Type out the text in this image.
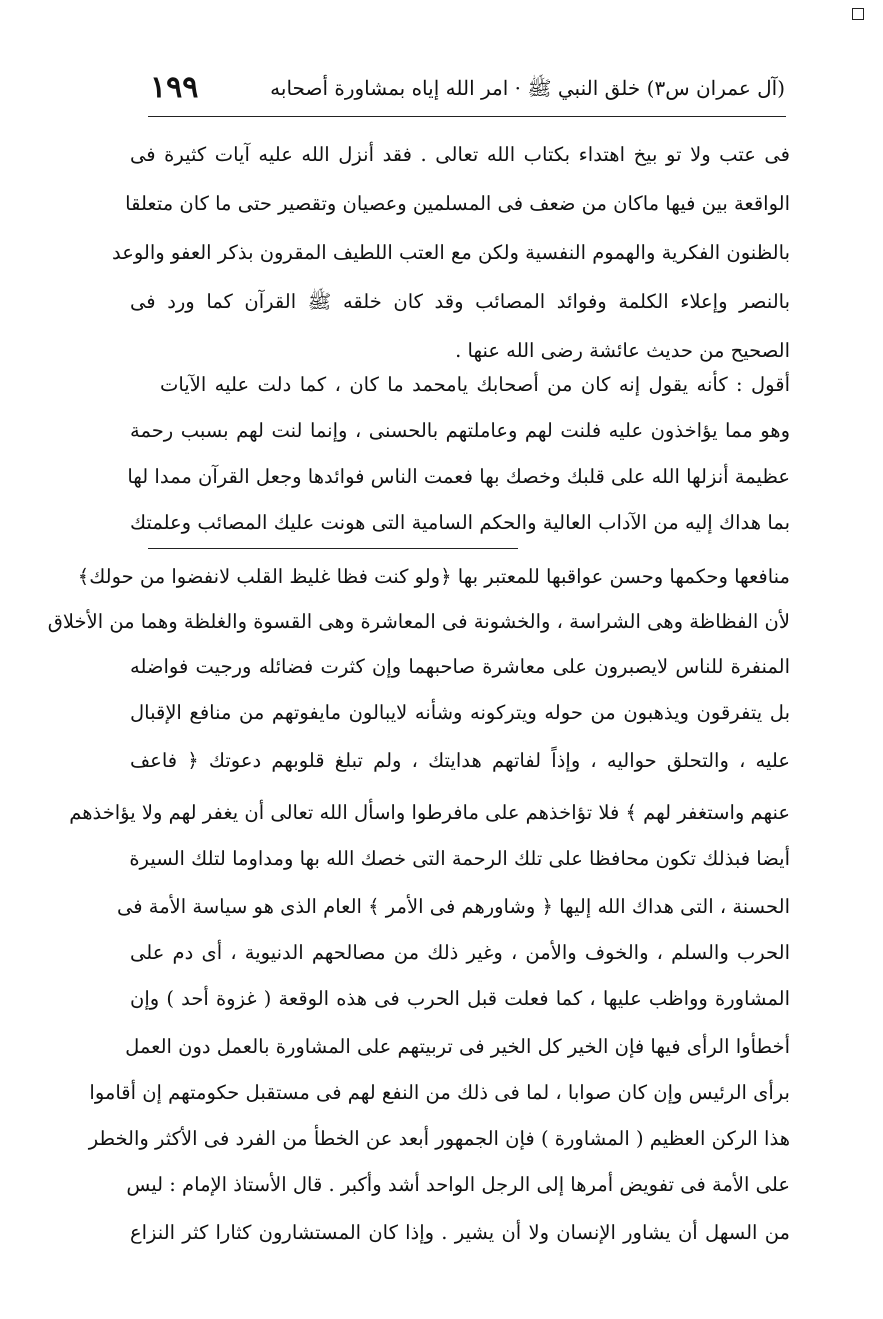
(آل عمران س٣) خلق النبي ﷺ · امر الله إياه بمشاورة أصحابه
١٩٩
فى عتب ولا تو بيخ اهتداء بكتاب الله تعالى . فقد أنزل الله عليه آيات كثيرة فى
الواقعة بين فيها ماكان من ضعف فى المسلمين وعصيان وتقصير حتى ما كان متعلقا
بالظنون الفكرية والهموم النفسية ولكن مع العتب اللطيف المقرون بذكر العفو والوعد
بالنصر وإعلاء الكلمة وفوائد المصائب وقد كان خلقه ﷺ القرآن كما ورد فى
الصحيح من حديث عائشة رضى الله عنها .
أقول : كأنه يقول إنه كان من أصحابك يامحمد ما كان ، كما دلت عليه الآيات
وهو مما يؤاخذون عليه فلنت لهم وعاملتهم بالحسنى ، وإنما لنت لهم بسبب رحمة
عظيمة أنزلها الله على قلبك وخصك بها فعمت الناس فوائدها وجعل القرآن ممدا لها
بما هداك إليه من الآداب العالية والحكم السامية التى هونت عليك المصائب وعلمتك
منافعها وحكمها وحسن عواقبها للمعتبر بها ﴿ولو كنت فظا غليظ القلب لانفضوا من حولك﴾
لأن الفظاظة وهى الشراسة ، والخشونة فى المعاشرة وهى القسوة والغلظة وهما من الأخلاق
المنفرة للناس لايصبرون على معاشرة صاحبهما وإن كثرت فضائله ورجيت فواضله
بل يتفرقون ويذهبون من حوله ويتركونه وشأنه لايبالون مايفوتهم من منافع الإقبال
عليه ، والتحلق حواليه ، وإذاً لفاتهم هدايتك ، ولم تبلغ قلوبهم دعوتك ﴿ فاعف
عنهم واستغفر لهم ﴾ فلا تؤاخذهم على مافرطوا واسأل الله تعالى أن يغفر لهم ولا يؤاخذهم
أيضا فبذلك تكون محافظا على تلك الرحمة التى خصك الله بها ومداوما لتلك السيرة
الحسنة ، التى هداك الله إليها ﴿ وشاورهم فى الأمر ﴾ العام الذى هو سياسة الأمة فى
الحرب والسلم ، والخوف والأمن ، وغير ذلك من مصالحهم الدنيوية ، أى دم على
المشاورة وواظب عليها ، كما فعلت قبل الحرب فى هذه الوقعة ( غزوة أحد ) وإن
أخطأوا الرأى فيها فإن الخير كل الخير فى تربيتهم على المشاورة بالعمل دون العمل
برأى الرئيس وإن كان صوابا ، لما فى ذلك من النفع لهم فى مستقبل حكومتهم إن أقاموا
هذا الركن العظيم ( المشاورة ) فإن الجمهور أبعد عن الخطأ من الفرد فى الأكثر والخطر
على الأمة فى تفويض أمرها إلى الرجل الواحد أشد وأكبر . قال الأستاذ الإمام : ليس
من السهل أن يشاور الإنسان ولا أن يشير . وإذا كان المستشارون كثارا كثر النزاع
